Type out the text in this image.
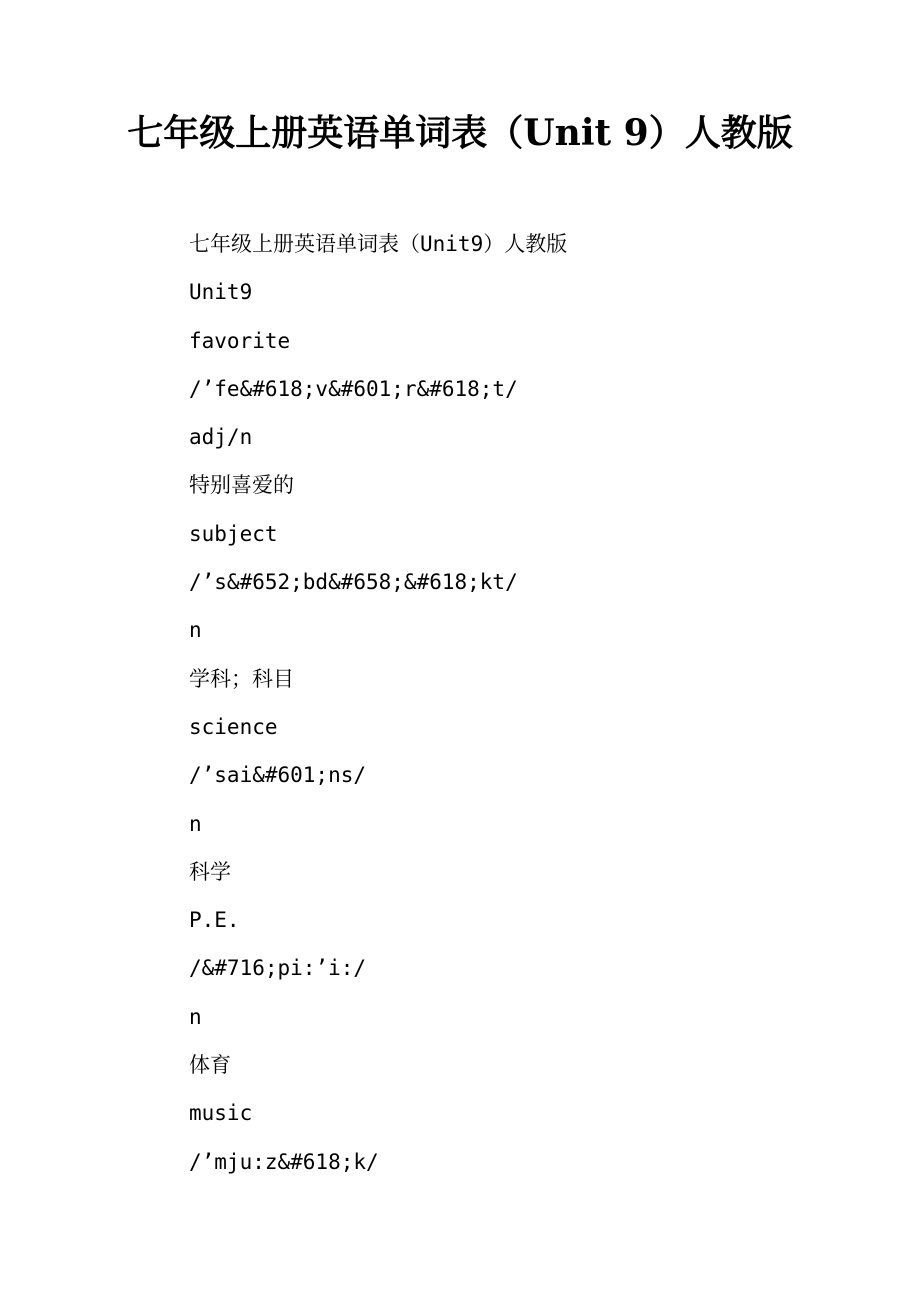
七年级上册英语单词表（Unit 9）人教版
七年级上册英语单词表（Unit9）人教版
Unit9
favorite
/’fe&#618;v&#601;r&#618;t/
adj/n
特别喜爱的
subject
/’s&#652;bd&#658;&#618;kt/
n
学科；科目
science
/’sai&#601;ns/
n
科学
P.E.
/&#716;pi:’i:/
n
体育
music
/’mju:z&#618;k/
